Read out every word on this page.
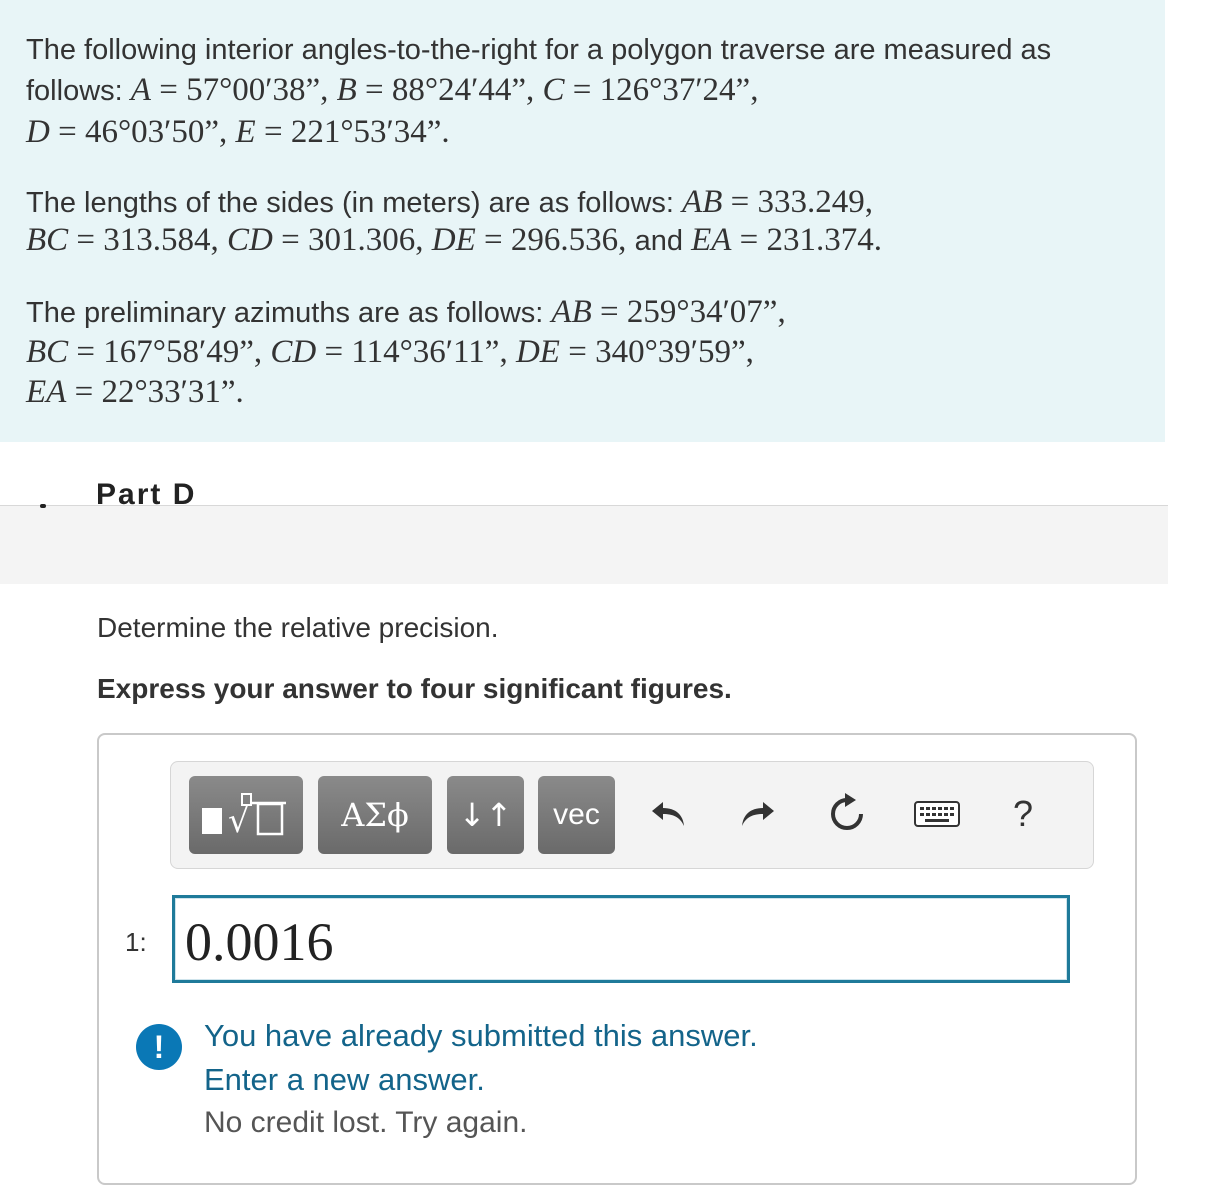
The following interior angles-to-the-right for a polygon traverse are measured as
follows: A = 57°00′38”, B = 88°24′44”, C = 126°37′24”,
D = 46°03′50”, E = 221°53′34”.
The lengths of the sides (in meters) are as follows: AB = 333.249,
BC = 313.584, CD = 301.306, DE = 296.536, and EA = 231.374.
The preliminary azimuths are as follows: AB = 259°34′07”,
BC = 167°58′49”, CD = 114°36′11”, DE = 340°39′59”,
EA = 22°33′31”.
Part D
Determine the relative precision.
Express your answer to four significant figures.
√	ΑΣϕ	↓↑	vec	?
1:
0.0016
!	You have already submitted this answer.
Enter a new answer.
No credit lost. Try again.
